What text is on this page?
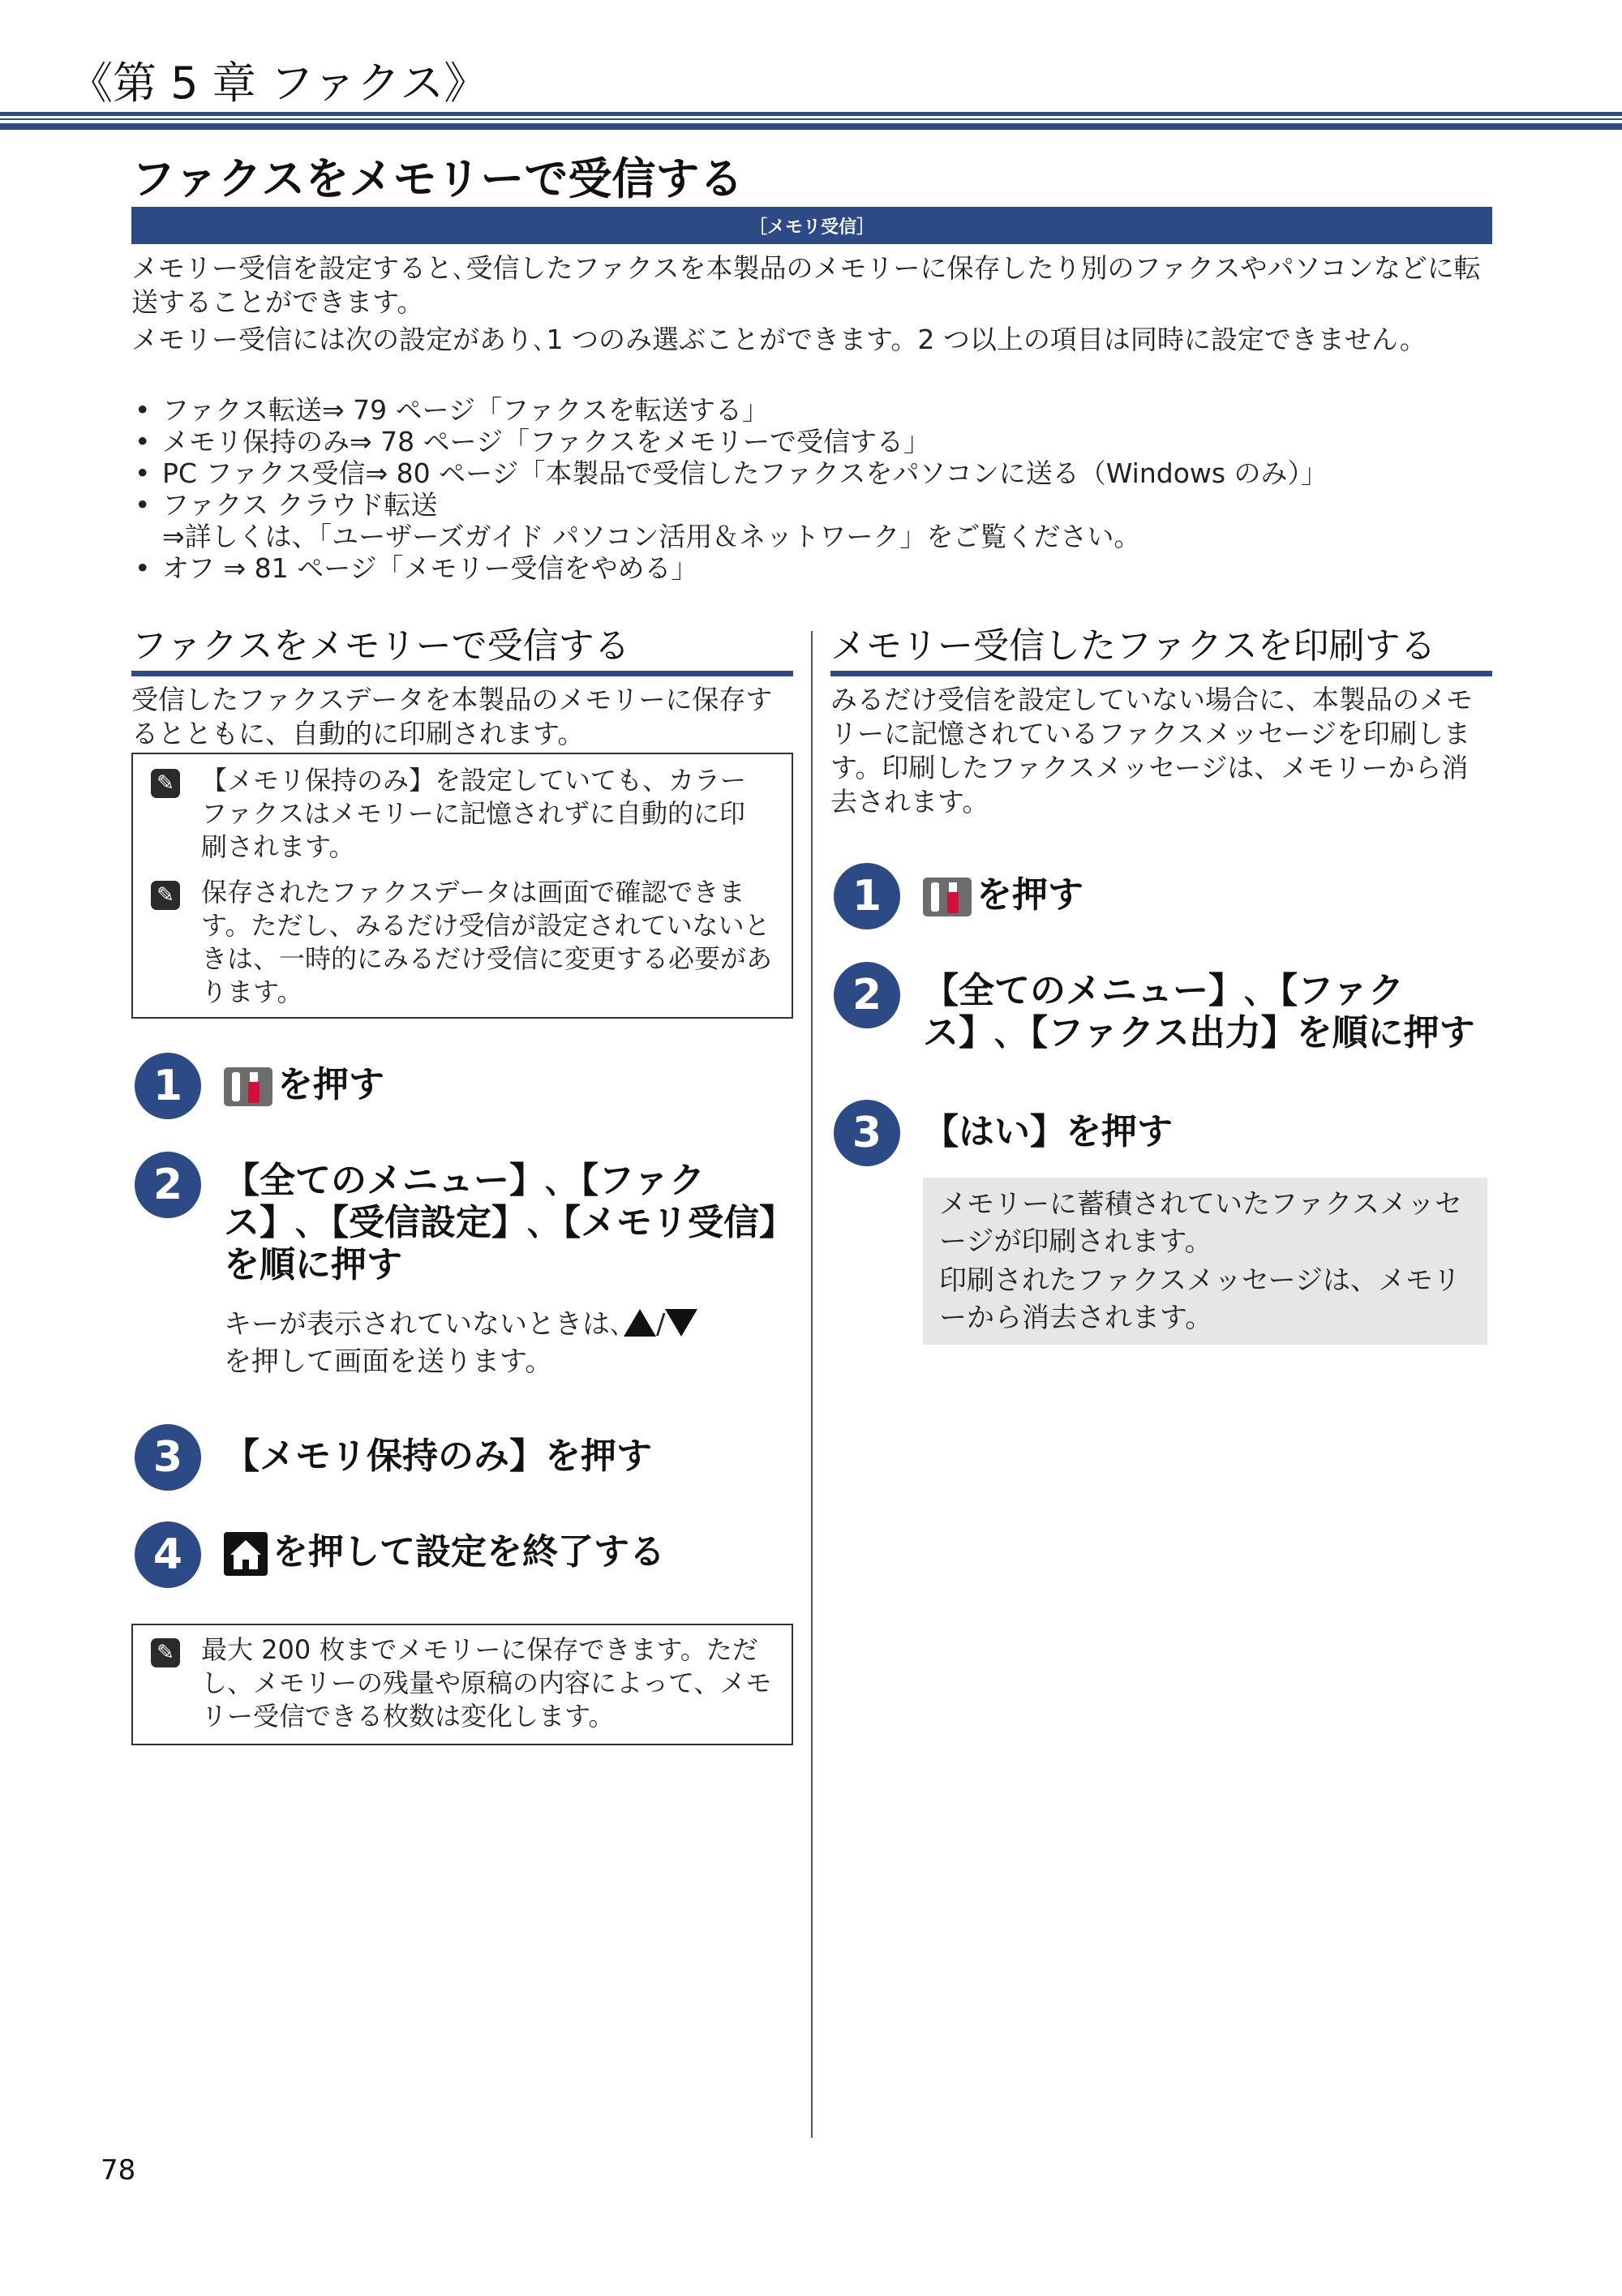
《第 5 章 ファクス》
ファクスをメモリーで受信する
［メモリ受信］
メモリー受信を設定すると､受信したファクスを本製品のメモリーに保存したり別のファクスやパソコンなどに転送することができます。
メモリー受信には次の設定があり､1 つのみ選ぶことができます。2 つ以上の項目は同時に設定できません。
• ファクス転送⇒ 79 ページ「ファクスを転送する」
• メモリ保持のみ⇒ 78 ページ「ファクスをメモリーで受信する」
• PC ファクス受信⇒ 80 ページ「本製品で受信したファクスをパソコンに送る（Windows のみ）」
• ファクス クラウド転送
⇒詳しくは、「ユーザーズガイド パソコン活用＆ネットワーク」をご覧ください。
• オフ ⇒ 81 ページ「メモリー受信をやめる」
ファクスをメモリーで受信する
受信したファクスデータを本製品のメモリーに保存するとともに、自動的に印刷されます。
✎ 【メモリ保持のみ】を設定していても、カラーファクスはメモリーに記憶されずに自動的に印刷されます。
✎ 保存されたファクスデータは画面で確認できます。ただし、みるだけ受信が設定されていないときは、一時的にみるだけ受信に変更する必要があります。
1	を押す
2	【全てのメニュー】､【ファクス】､【受信設定】､【メモリ受信】を順に押す
キーが表示されていないときは､ /
を押して画面を送ります。
3	【メモリ保持のみ】を押す
4	を押して設定を終了する
✎ 最大 200 枚までメモリーに保存できます。ただし、メモリーの残量や原稿の内容によって、メモリー受信できる枚数は変化します。
メモリー受信したファクスを印刷する
みるだけ受信を設定していない場合に、本製品のメモリーに記憶されているファクスメッセージを印刷します。印刷したファクスメッセージは、メモリーから消去されます。
1	を押す
2	【全てのメニュー】､【ファクス】､【ファクス出力】を順に押す
3	【はい】を押す
メモリーに蓄積されていたファクスメッセージが印刷されます。
印刷されたファクスメッセージは、メモリーから消去されます。
78
